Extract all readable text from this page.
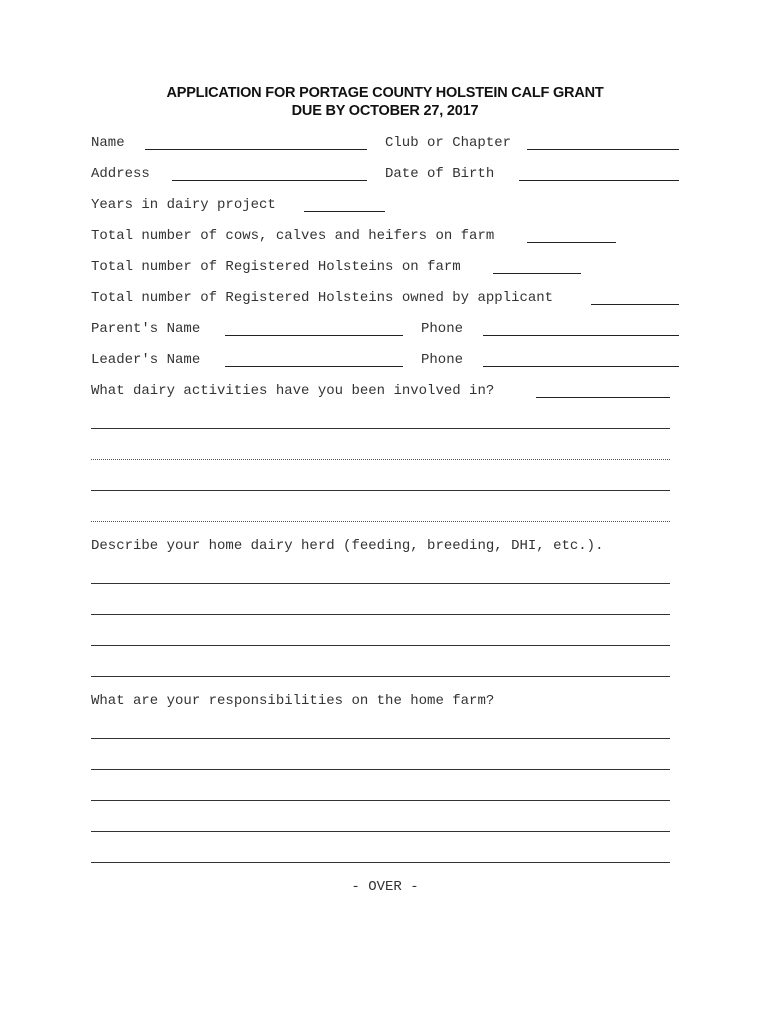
APPLICATION FOR PORTAGE COUNTY HOLSTEIN CALF GRANT
DUE BY OCTOBER 27, 2017
Name	Club or Chapter
Address	Date of Birth
Years in dairy project
Total number of cows, calves and heifers on farm
Total number of Registered Holsteins on farm
Total number of Registered Holsteins owned by applicant
Parent's Name	Phone
Leader's Name	Phone
What dairy activities have you been involved in?
Describe your home dairy herd (feeding, breeding, DHI, etc.).
What are your responsibilities on the home farm?
- OVER -
